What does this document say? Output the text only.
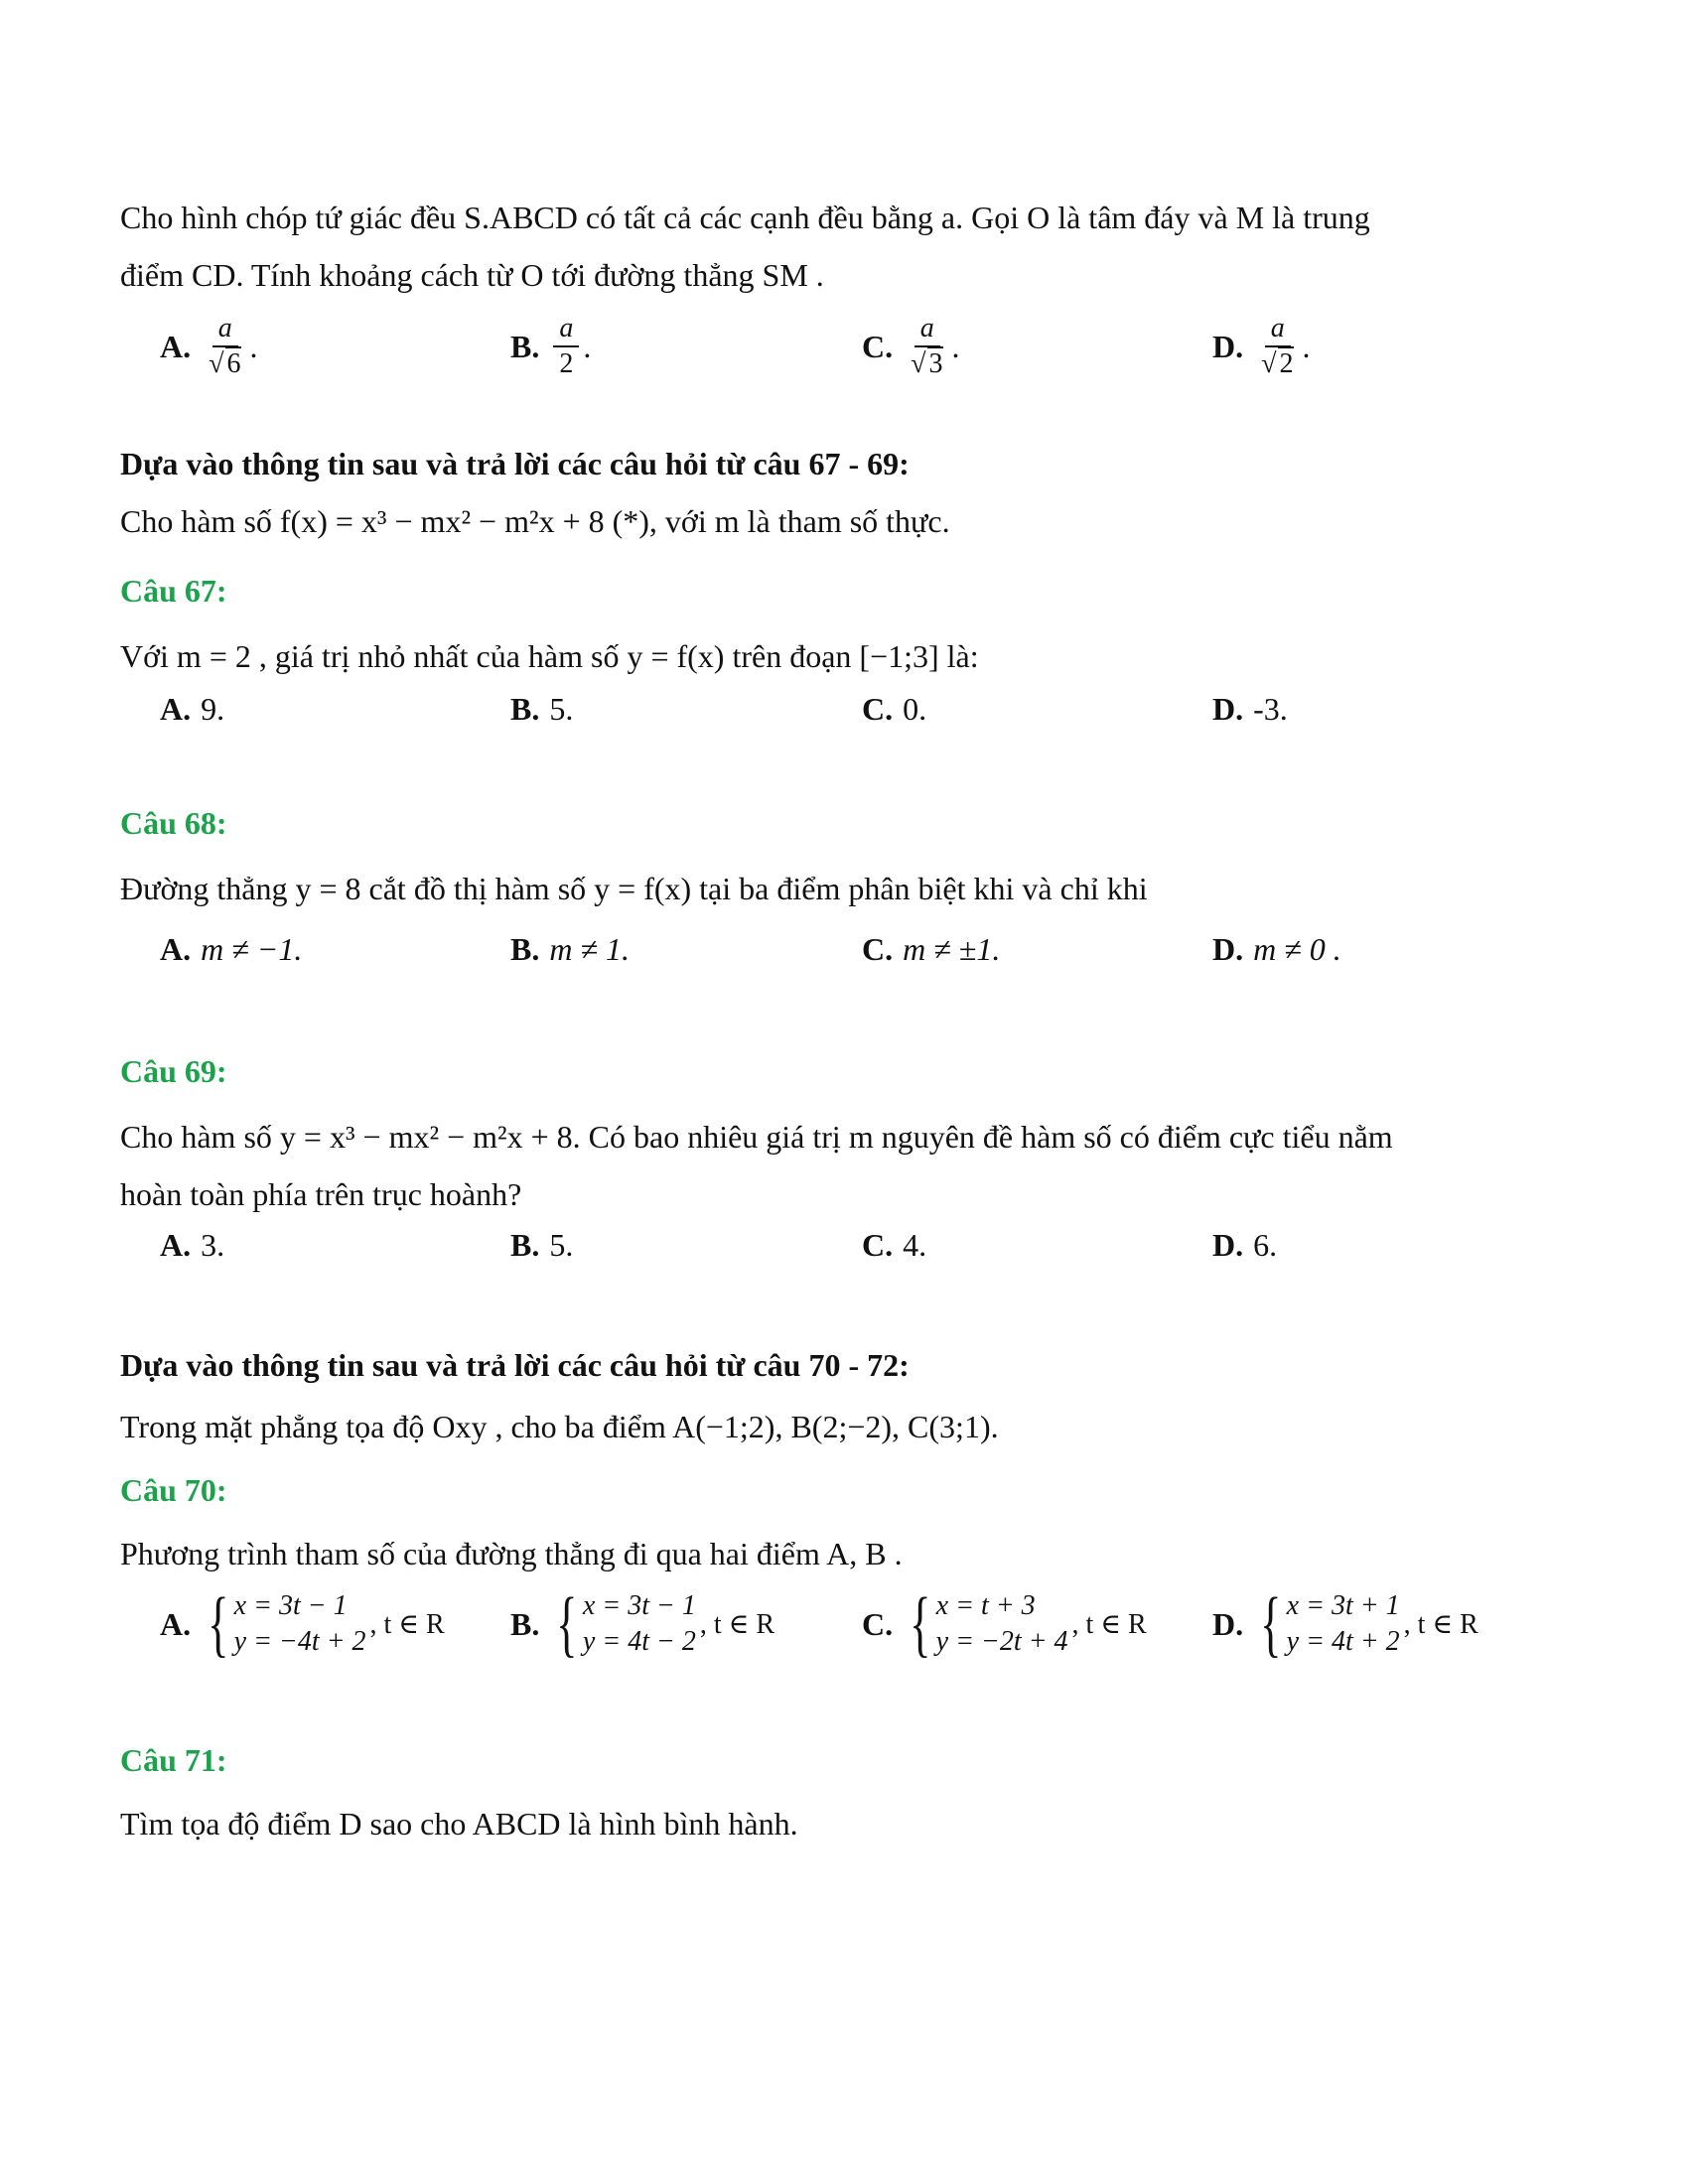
Cho hình chóp tứ giác đều S.ABCD có tất cả các cạnh đều bằng a. Gọi O là tâm đáy và M là trung

điểm CD. Tính khoảng cách từ O tới đường thẳng SM .

A. $\frac{a}{√ 6}$ .	B. $\frac{a}{2}$ .	C. $\frac{a}{√ 3}$ .	D. $\frac{a}{√ 2}$ .

Dựa vào thông tin sau và trả lời các câu hỏi từ câu 67 - 69:

Cho hàm số f(x) = x³ − mx² − m²x + 8 (*), với m là tham số thực.

Câu 67:

Với m = 2 , giá trị nhỏ nhất của hàm số y = f(x) trên đoạn [−1;3] là:

A. 9.	B. 5.	C. 0.	D. -3.

Câu 68:

Đường thẳng y = 8 cắt đồ thị hàm số y = f(x) tại ba điểm phân biệt khi và chỉ khi

A. m ≠ −1.	B. m ≠ 1.	C. m ≠ ±1.	D. m ≠ 0 .

Câu 69:

Cho hàm số y = x³ − mx² − m²x + 8. Có bao nhiêu giá trị m nguyên đề hàm số có điểm cực tiểu nằm

hoàn toàn phía trên trục hoành?

A. 3.	B. 5.	C. 4.	D. 6.

Dựa vào thông tin sau và trả lời các câu hỏi từ câu 70 - 72:

Trong mặt phẳng tọa độ Oxy , cho ba điểm A(−1;2), B(2;−2), C(3;1).

Câu 70:

Phương trình tham số của đường thẳng đi qua hai điểm A, B .

A. { x = 3t − 1
y = −4t + 2
, t ∈ R B. { x = 3t − 1
y = 4t − 2
, t ∈ R	C. { x = t + 3
y = −2t + 4
, t ∈ R D. { x = 3t + 1
y = 4t + 2
, t ∈ R

Câu 71:

Tìm tọa độ điểm D sao cho ABCD là hình bình hành.
